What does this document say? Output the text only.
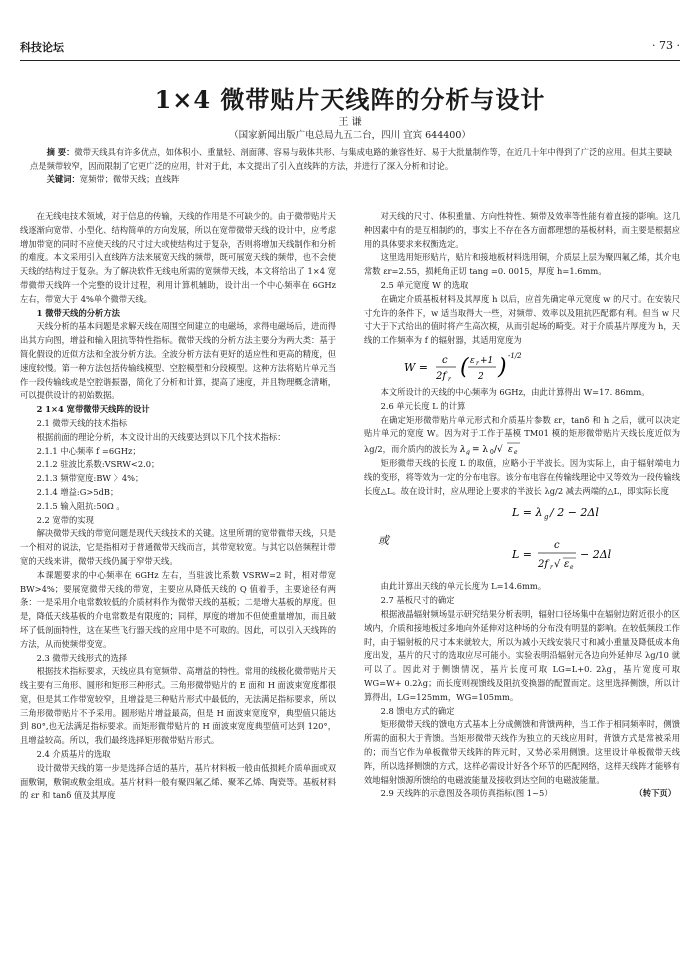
科技论坛	· 73 ·
1×4 微带贴片天线阵的分析与设计
王 谦
（国家新闻出版广电总局九五二台，四川 宜宾 644400）

摘 要：微带天线具有许多优点，如体积小、重量轻、剖面薄、容易与载体共形、与集成电路的兼容性好、易于大批量制作等，在近几十年中得到了广泛的应用。但其主要缺点是频带较窄，因而限制了它更广泛的应用，针对于此，本文提出了引入直线阵的方法，并进行了深入分析和讨论。

关键词：宽频带；微带天线；直线阵

在无线电技术领域，对于信息的传输，天线的作用是不可缺少的。由于微带贴片天线逐渐向宽带、小型化、结构简单的方向发展，所以在宽带微带天线的设计中，应考虑增加带宽的同时不应使天线的尺寸过大或使结构过于复杂，否则将增加天线制作和分析的难度。本文采用引入直线阵方法来展宽天线的频带，既可展宽天线的频带，也不会使天线的结构过于复杂。为了解决软件无线电所需的宽频带天线，本文将给出了 1×4 宽带微带天线阵一个完整的设计过程，利用计算机辅助，设计出一个中心频率在 6GHz 左右，带宽大于 4%单个微带天线。

1 微带天线的分析方法

天线分析的基本问题是求解天线在周围空间建立的电磁场，求得电磁场后，进而得出其方向图，增益和输入阻抗等特性指标。微带天线的分析方法主要分为两大类：基于简化假设的近似方法和全波分析方法。全波分析方法有更好的适应性和更高的精度，但速度较慢。第一种方法包括传输线模型、空腔模型和分段模型。这种方法将贴片单元当作一段传输线或是空腔谐振器，简化了分析和计算，提高了速度，并且物理概念清晰，可以提供设计的初始数据。

2 1×4 宽带微带天线阵的设计

2.1 微带天线的技术指标

根据前面的理论分析，本文设计出的天线要达到以下几个技术指标：

2.1.1 中心频率 f =6GHz；

2.1.2 驻波比系数:VSRW<2.0；

2.1.3 频带宽度:BW 〉4%；

2.1.4 增益:G>5dB；

2.1.5 输入阻抗:50Ω 。

2.2 宽带的实现

解决微带天线的带宽问题是现代天线技术的关键。这里所谓的宽带微带天线，只是一个相对的说法，它是指相对于普通微带天线而言，其带宽较宽。与其它以倍频程计带宽的天线来讲，微带天线仍属于窄带天线。

本课题要求的中心频率在 6GHz 左右，当驻波比系数 VSRW=2 时，相对带宽 BW>4%；要展宽微带天线的带宽，主要应从降低天线的 Q 值着手，主要途径有两条：一是采用介电常数较低的介质材料作为微带天线的基板；二是增大基板的厚度。但是，降低天线基板的介电常数是有限度的；同样，厚度的增加不但使重量增加，而且破坏了低剖面特性，这在某些飞行器天线的应用中是不可取的。因此，可以引入天线阵的方法，从而使频带变宽。

2.3 微带天线形式的选择

根据技术指标要求，天线应具有宽频带、高增益的特性。常用的线极化微带贴片天线主要有三角形、圆形和矩形三种形式。三角形微带贴片的 E 面和 H 面波束宽度都很宽，但是其工作带宽较窄，且增益是三种贴片形式中最低的，无法满足指标要求，所以三角形微带贴片不予采用。圆形贴片增益最高，但是 H 面波束宽度窄，典型值只能达到 80°,也无法满足指标要求。而矩形微带贴片的 H 面波束宽度典型值可达到 120°，且增益较高。所以，我们最终选择矩形微带贴片形式。

2.4 介质基片的选取

设计微带天线的第一步是选择合适的基片，基片材料板一般由低损耗介质单面或双面敷铜，敷铜或敷金组成。基片材料一般有聚四氟乙烯、聚苯乙烯、陶瓷等。基板材料的 εr 和 tanδ 值及其厚度

对天线的尺寸、体积重量、方向性特性、频带及效率等性能有着直接的影响。这几种因素中有的是互相制约的，事实上不存在各方面都理想的基板材料，而主要是根据应用的具体要求来权衡选定。

这里选用矩形贴片，贴片和接地板材料选用铜，介质层上层为聚四氟乙烯，其介电常数 εr=2.55，损耗角正切 tang =0. 0015，厚度 h=1.6mm。

2.5 单元宽度 W 的选取

在确定介质基板材料及其厚度 h 以后，应首先确定单元宽度 w 的尺寸。在安装尺寸允许的条件下，w 适当取得大一些，对频带、效率以及阻抗匹配都有利。但当 w 尺寸大于下式给出的值时将产生高次模，从而引起场的畸变。对于介质基片厚度为 h，天线的工作频率为 f 的辐射器，其适用宽度为

W =
c
2f r ( ε r +1
2 ) -1/2

本文所设计的天线的中心频率为 6GHz，由此计算得出 W=17. 86mm。

2.6 单元长度 L 的计算

在确定矩形微带贴片单元形式和介质基片参数 εr，tanδ 和 h 之后，就可以决定贴片单元的宽度 W。因为对于工作于基模 TM01 模的矩形微带贴片天线长度近似为 λg/2，而介质内的波长为 λ g = λ 0 /√ ε e

矩形微带天线的长度 L 的取值，应略小于半波长。因为实际上，由于辐射端电力线的变形，将等效为一定的分布电容。该分布电容在传输线理论中又等效为一段传输线长度△L。故在设计时，应从理论上要求的半波长 λg/2 减去两端的△L，即实际长度

L = λ g / 2 − 2Δl
或
L =
c
2f r √ ε e
− 2Δl

由此计算出天线的单元长度为 L=14.6mm。

2.7 基板尺寸的确定

根据液晶辐射频场显示研究结果分析表明，辐射口径场集中在辐射边附近很小的区域内，介质和接地板过多地向外延伸对这种场的分布没有明显的影响。在较低频段工作时，由于辐射板的尺寸本来就较大，所以为减小天线安装尺寸和减小重量及降低成本角度出发，基片的尺寸的选取应尽可能小。实验表明沿辐射元各边向外延伸尽 λg/10 就可以了。因此对于侧馈情况，基片长度可取 LG=L+0. 2λg，基片宽度可取 WG=W+ 0.2λg；而长度则视馈线及阻抗变换器的配置而定。这里选择侧馈，所以计算得出，LG=125mm，WG=105mm。

2.8 馈电方式的确定

矩形微带天线的馈电方式基本上分成侧馈和背馈两种，当工作于相同频率时，侧馈所需的面积大于背馈。当矩形微带天线作为独立的天线应用时，背馈方式是常被采用的；而当它作为单板微带天线阵的阵元时，又势必采用侧馈。这里设计单板微带天线阵，所以选择侧馈的方式，这样必需设计好各个环节的匹配网络，这样天线阵才能够有效地辐射馈源所馈给的电磁波能量及接收到达空间的电磁波能量。

2.9 天线阵的示意图及各项仿真指标(图 1~5）	（转下页）
